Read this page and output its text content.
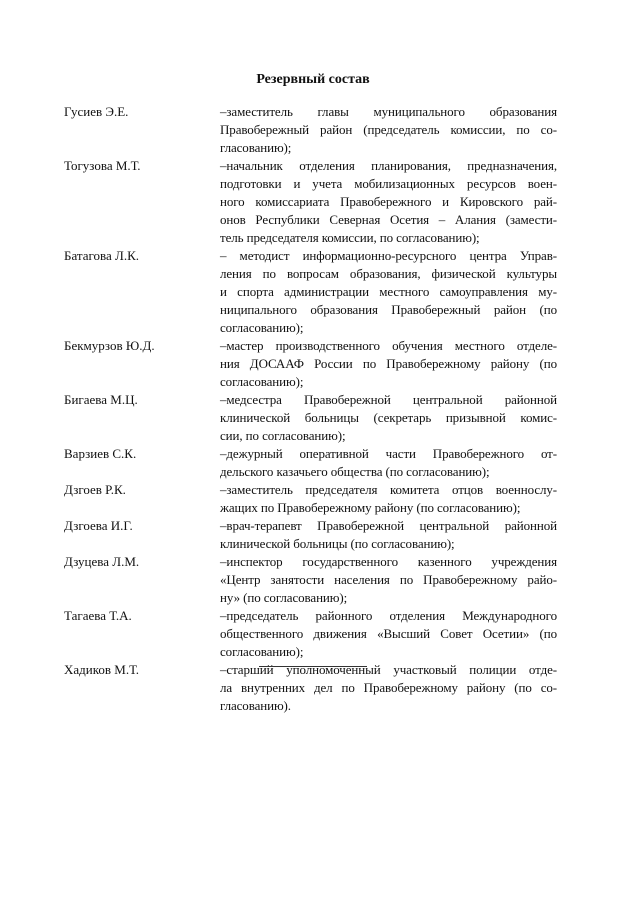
Резервный состав
Гусиев Э.Е.	–заместитель главы муниципального образования
Правобережный район (председатель комиссии, по со-
гласованию);
Тогузова М.Т.	–начальник отделения планирования, предназначения,
подготовки и учета мобилизационных ресурсов воен-
ного комиссариата Правобережного и Кировского рай-
онов Республики Северная Осетия – Алания (замести-
тель председателя комиссии, по согласованию);
Батагова Л.К.	– методист информационно-ресурсного центра Управ-
ления по вопросам образования, физической культуры
и спорта администрации местного самоуправления му-
ниципального образования Правобережный район (по
согласованию);
Бекмурзов Ю.Д.	–мастер производственного обучения местного отделе-
ния ДОСААФ России по Правобережному району (по
согласованию);
Бигаева М.Ц.	–медсестра Правобережной центральной районной
клинической больницы (секретарь призывной комис-
сии, по согласованию);
Варзиев С.К.	–дежурный оперативной части Правобережного от-
дельского казачьего общества (по согласованию);
Дзгоев Р.К.	–заместитель председателя комитета отцов военнослу-
жащих по Правобережному району (по согласованию);
Дзгоева И.Г.	–врач-терапевт Правобережной центральной районной
клинической больницы (по согласованию);
Дзуцева Л.М.	–инспектор государственного казенного учреждения
«Центр занятости населения по Правобережному райо-
ну» (по согласованию);
Тагаева Т.А.	–председатель районного отделения Международного
общественного движения «Высший Совет Осетии» (по
согласованию);
Хадиков М.Т.	–старший уполномоченный участковый полиции отде-
ла внутренних дел по Правобережному району (по со-
гласованию).
